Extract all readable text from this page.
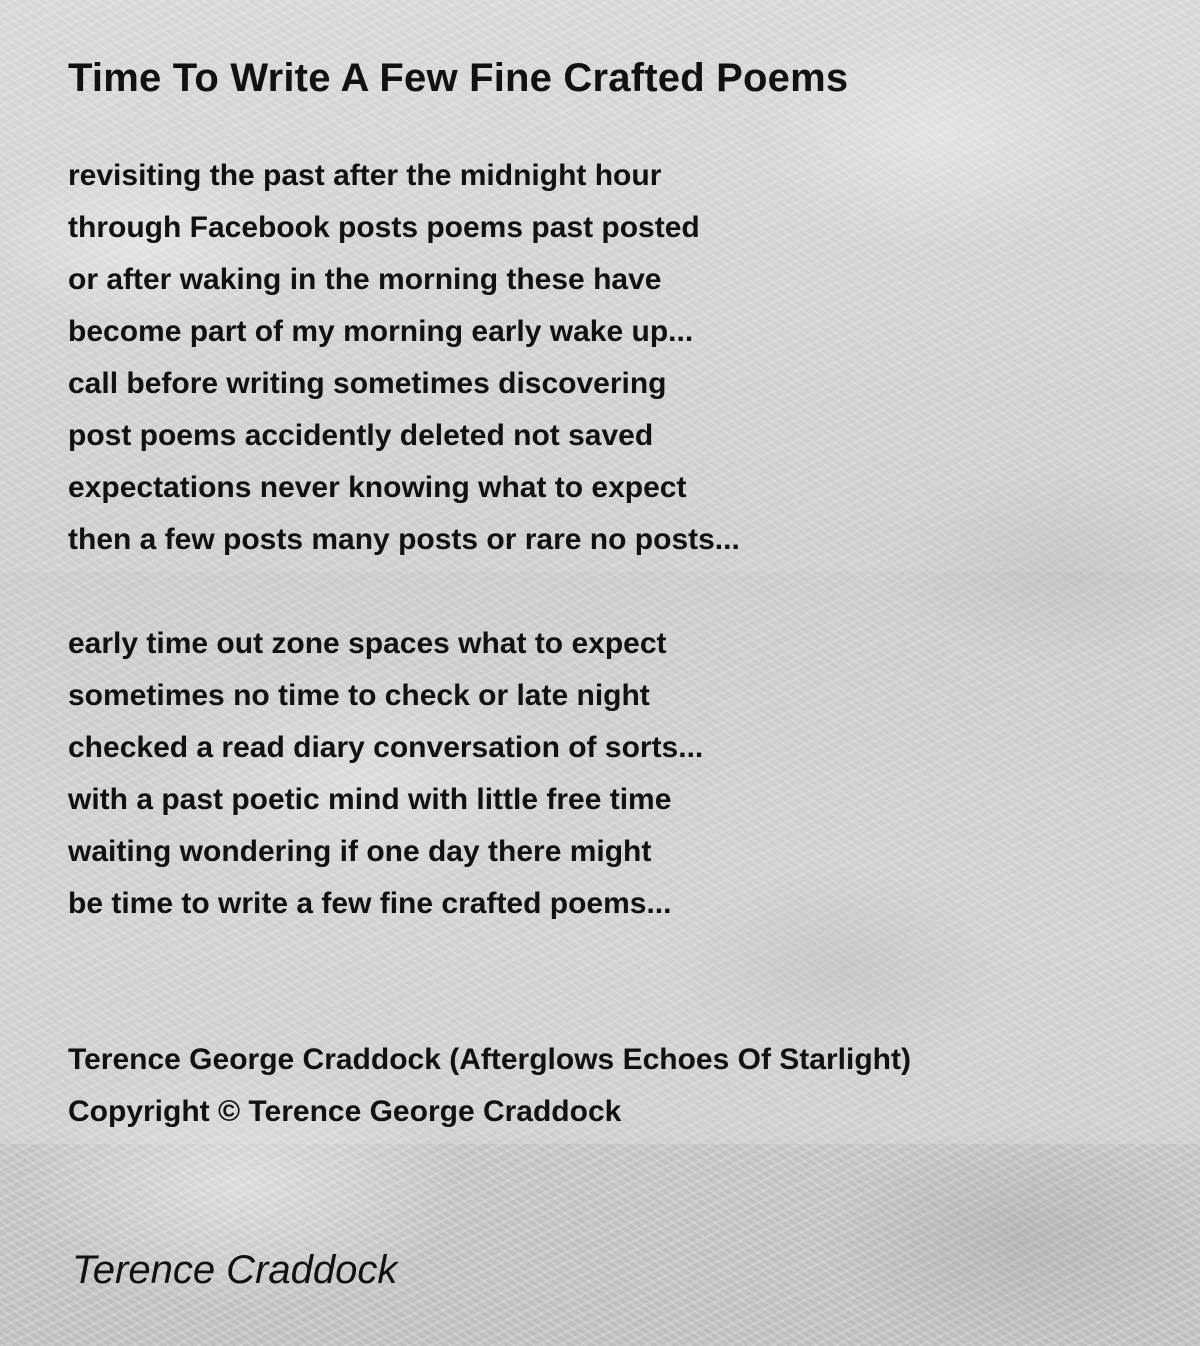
Time To Write A Few Fine Crafted Poems
revisiting the past after the midnight hour
through Facebook posts poems past posted
or after waking in the morning these have
become part of my morning early wake up...
call before writing sometimes discovering
post poems accidently deleted not saved
expectations never knowing what to expect
then a few posts many posts or rare no posts...
early time out zone spaces what to expect
sometimes no time to check or late night
checked a read diary conversation of sorts...
with a past poetic mind with little free time
waiting wondering if one day there might
be time to write a few fine crafted poems...
Terence George Craddock (Afterglows Echoes Of Starlight)
Copyright © Terence George Craddock
Terence Craddock
